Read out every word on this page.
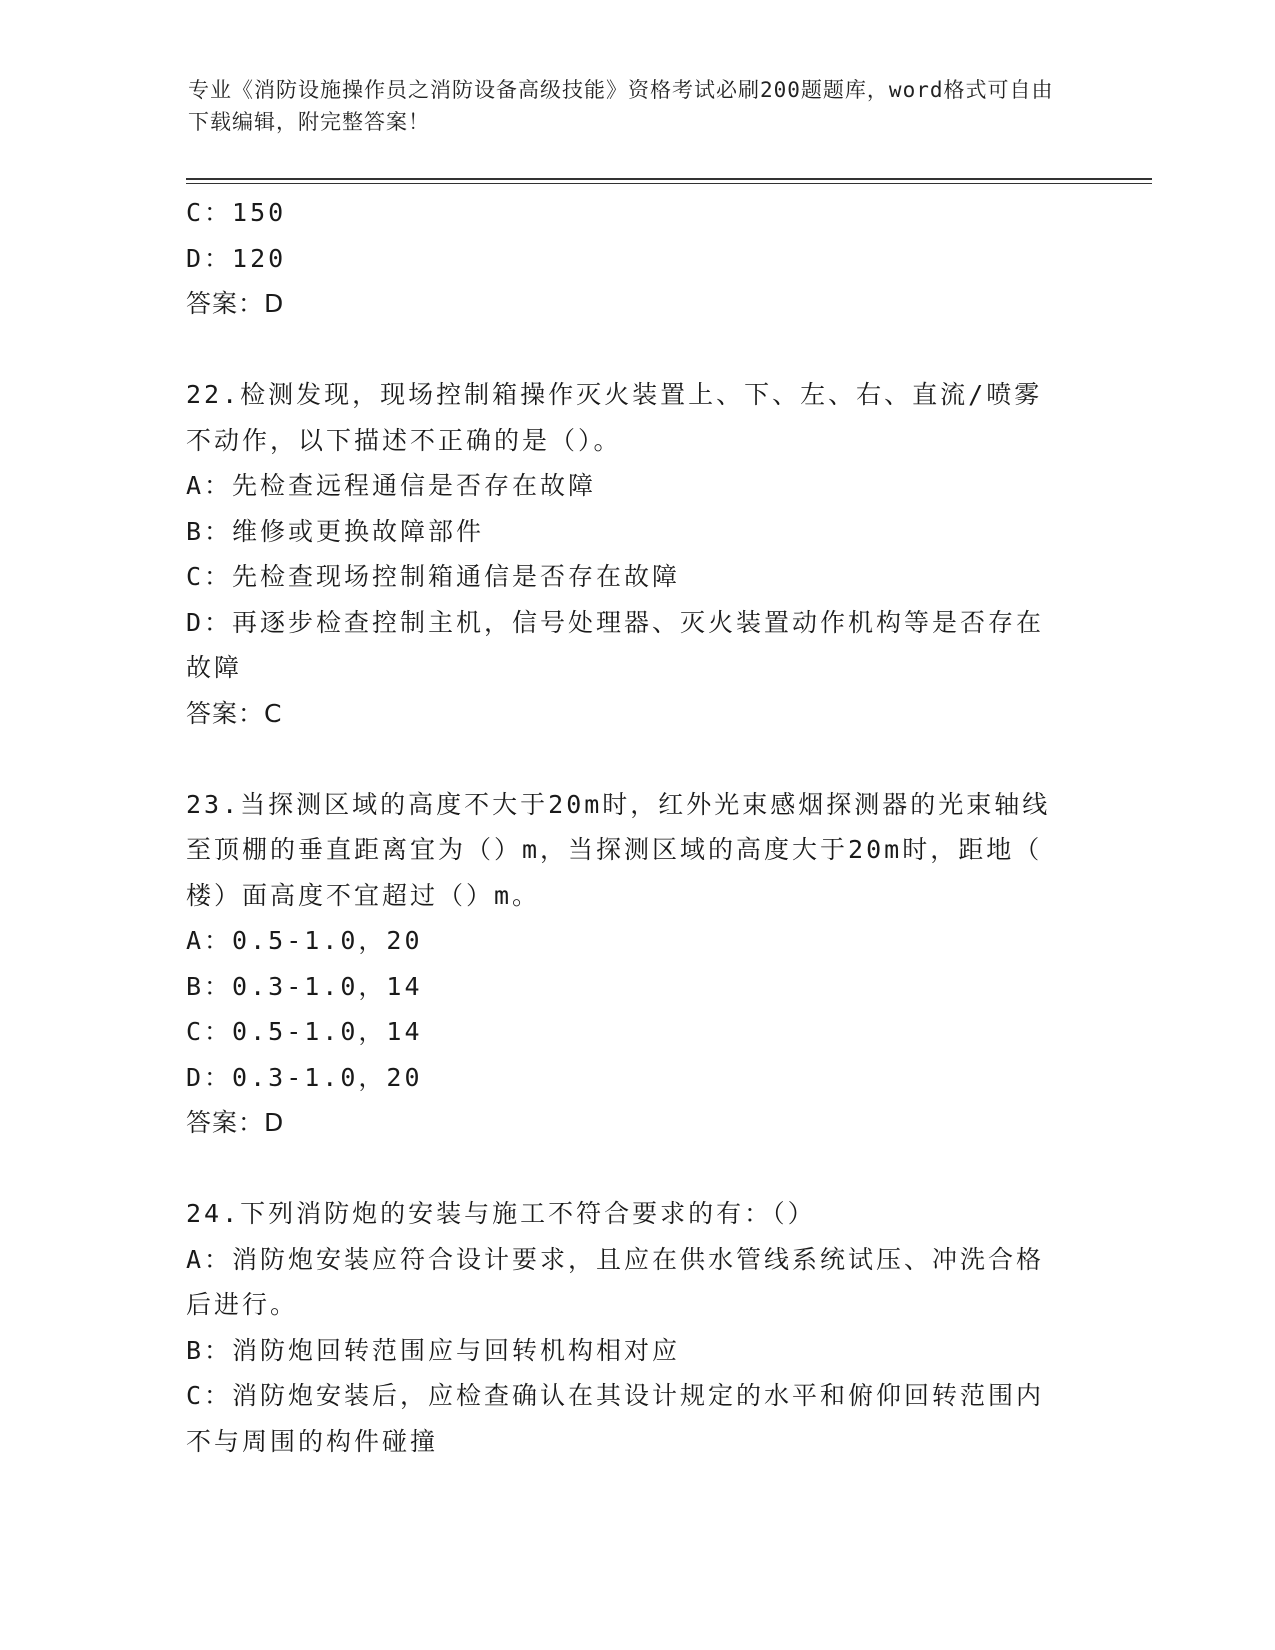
专业《消防设施操作员之消防设备高级技能》资格考试必刷200题题库，word格式可自由下载编辑，附完整答案！
C：150
D：120
答案：D
22.检测发现，现场控制箱操作灭火装置上、下、左、右、直流/喷雾
不动作，以下描述不正确的是（）。
A：先检查远程通信是否存在故障
B：维修或更换故障部件
C：先检查现场控制箱通信是否存在故障
D：再逐步检查控制主机，信号处理器、灭火装置动作机构等是否存在
故障
答案：C
23.当探测区域的高度不大于20m时，红外光束感烟探测器的光束轴线
至顶棚的垂直距离宜为（）m，当探测区域的高度大于20m时，距地（
楼）面高度不宜超过（）m。
A：0.5-1.0，20
B：0.3-1.0，14
C：0.5-1.0，14
D：0.3-1.0，20
答案：D
24.下列消防炮的安装与施工不符合要求的有：（）
A：消防炮安装应符合设计要求，且应在供水管线系统试压、冲洗合格
后进行。
B：消防炮回转范围应与回转机构相对应
C：消防炮安装后，应检查确认在其设计规定的水平和俯仰回转范围内
不与周围的构件碰撞
